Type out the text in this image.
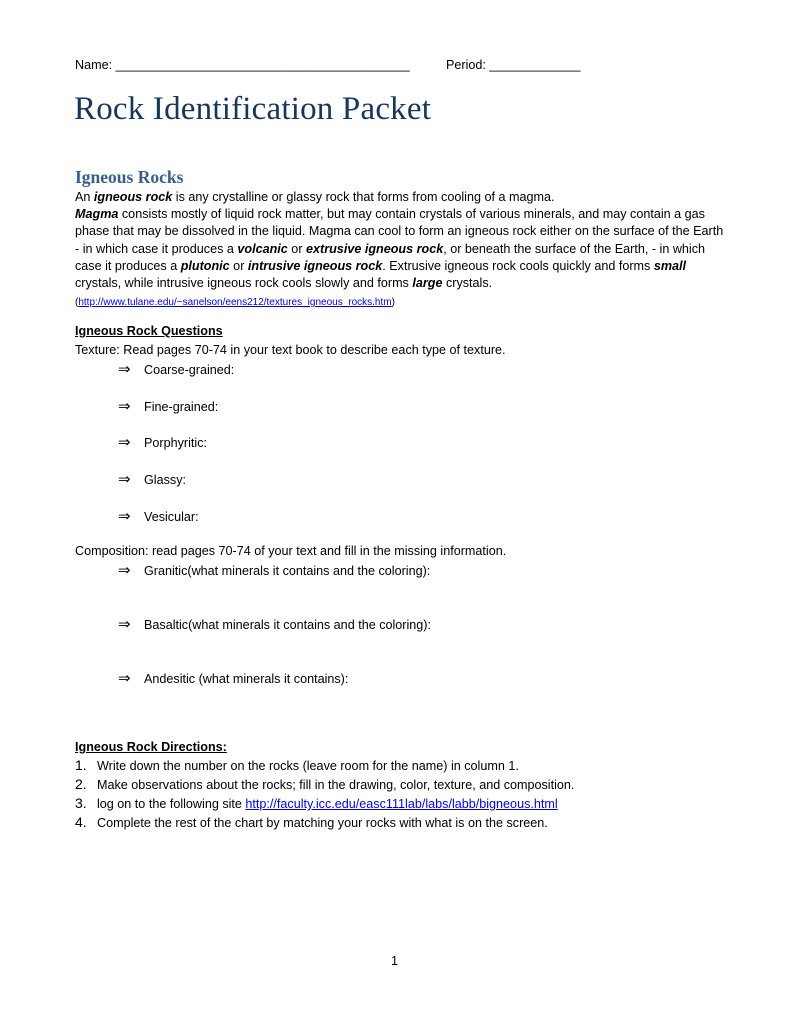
Name: __________________________________________	Period: _____________
Rock Identification Packet
Igneous Rocks

An igneous rock is any crystalline or glassy rock that forms from cooling of a magma.

Magma consists mostly of liquid rock matter, but may contain crystals of various minerals, and may contain a gas phase that may be dissolved in the liquid. Magma can cool to form an igneous rock either on the surface of the Earth - in which case it produces a volcanic or extrusive igneous rock, or beneath the surface of the Earth, - in which case it produces a plutonic or intrusive igneous rock. Extrusive igneous rock cools quickly and forms small crystals, while intrusive igneous rock cools slowly and forms large crystals.

(http://www.tulane.edu/~sanelson/eens212/textures_igneous_rocks.htm)

Igneous Rock Questions
Texture: Read pages 70-74 in your text book to describe each type of texture.
⇒ Coarse-grained:
⇒ Fine-grained:
⇒ Porphyritic:
⇒ Glassy:
⇒ Vesicular:
Composition: read pages 70-74 of your text and fill in the missing information.
⇒ Granitic(what minerals it contains and the coloring):
⇒ Basaltic(what minerals it contains and the coloring):
⇒ Andesitic (what minerals it contains):
Igneous Rock Directions:
1. Write down the number on the rocks (leave room for the name) in column 1.
2. Make observations about the rocks; fill in the drawing, color, texture, and composition.
3. log on to the following site http://faculty.icc.edu/easc111lab/labs/labb/bigneous.html
4. Complete the rest of the chart by matching your rocks with what is on the screen.
1
